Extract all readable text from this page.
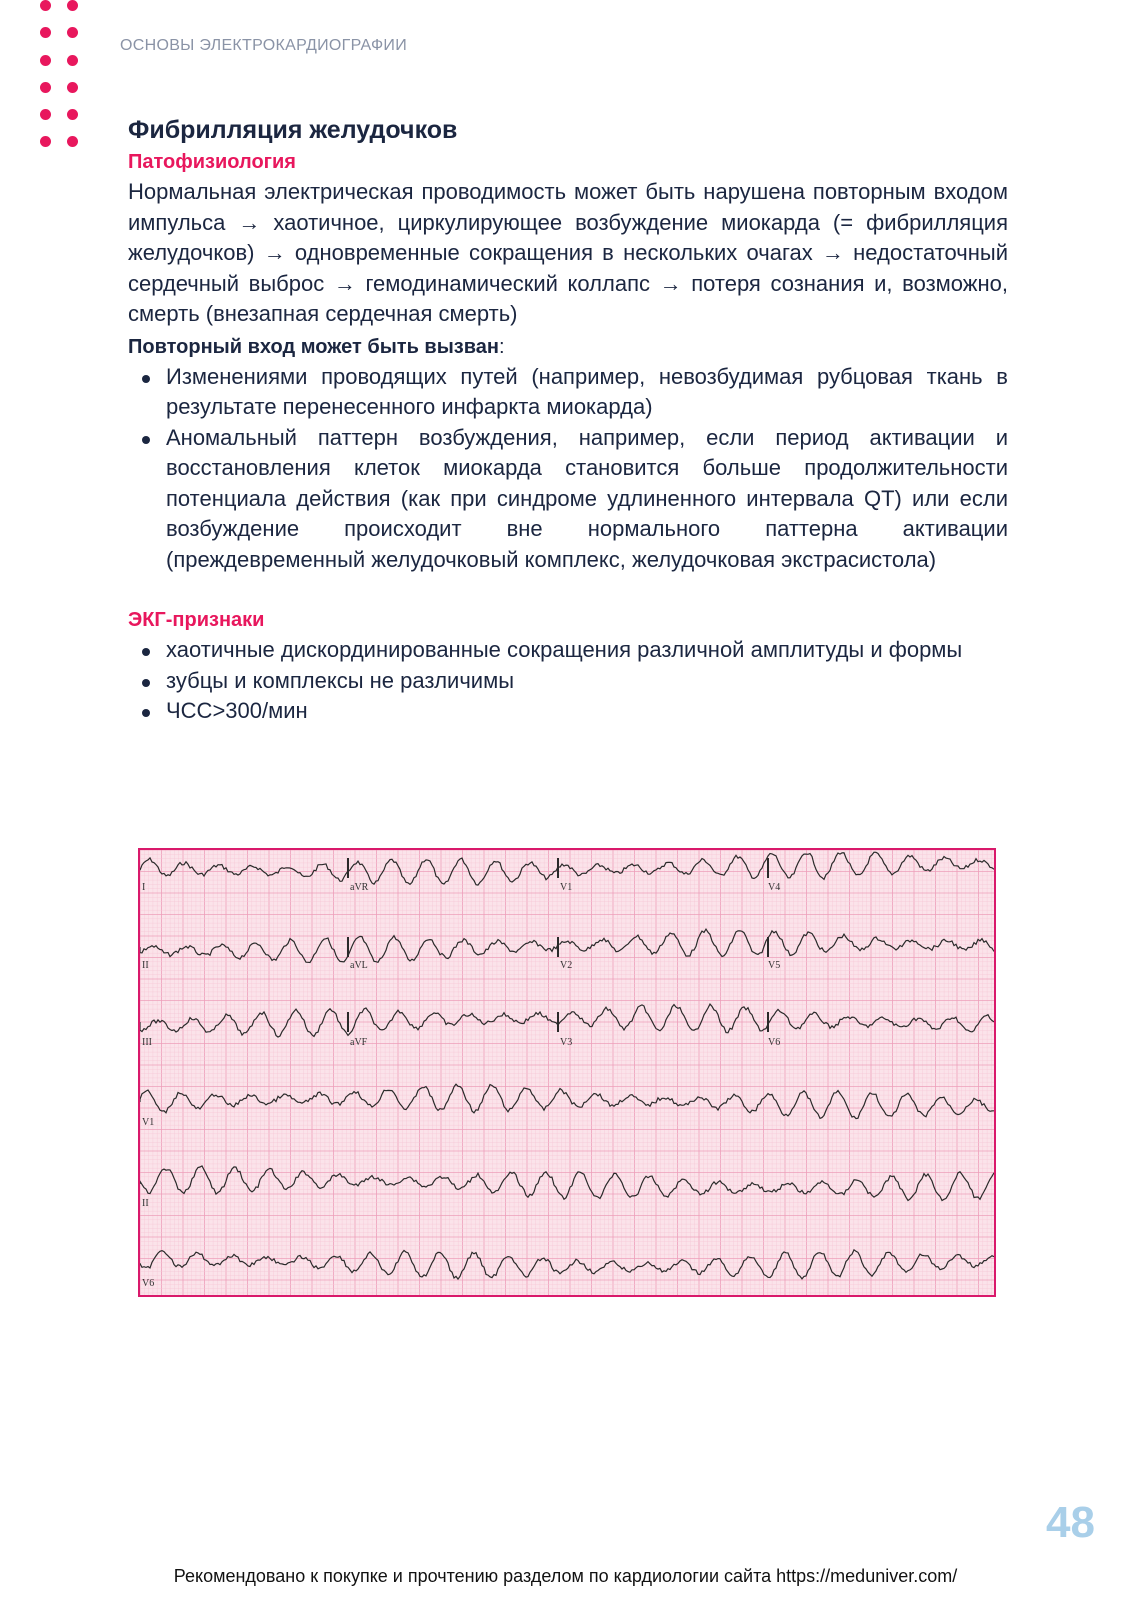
ОСНОВЫ ЭЛЕКТРОКАРДИОГРАФИИ
Фибрилляция желудочков
Патофизиология

Нормальная электрическая проводимость может быть нарушена повторным входом импульса → хаотичное, циркулирующее возбуждение миокарда (= фибрилляция желудочков) → одновременные сокращения в нескольких очагах → недостаточный сердечный выброс → гемодинамический коллапс → потеря сознания и, возможно, смерть (внезапная сердечная смерть)

Повторный вход может быть вызван:

Изменениями проводящих путей (например, невозбудимая рубцовая ткань в результате перенесенного инфаркта миокарда)
Аномальный паттерн возбуждения, например, если период активации и восстановления клеток миокарда становится больше продолжительности потенциала действия (как при синдроме удлиненного интервала QT) или если возбуждение происходит вне нормального паттерна активации (преждевременный желудочковый комплекс, желудочковая экстрасистола)
ЭКГ-признаки
хаотичные дискординированные сокращения различной амплитуды и формы
зубцы и комплексы не различимы
ЧСС>300/мин
I	aVR	V1	V4
II	aVL	V2	V5
III	aVF	V3	V6
V1
II
V6
48
Рекомендовано к покупке и прочтению разделом по кардиологии сайта https://meduniver.com/
